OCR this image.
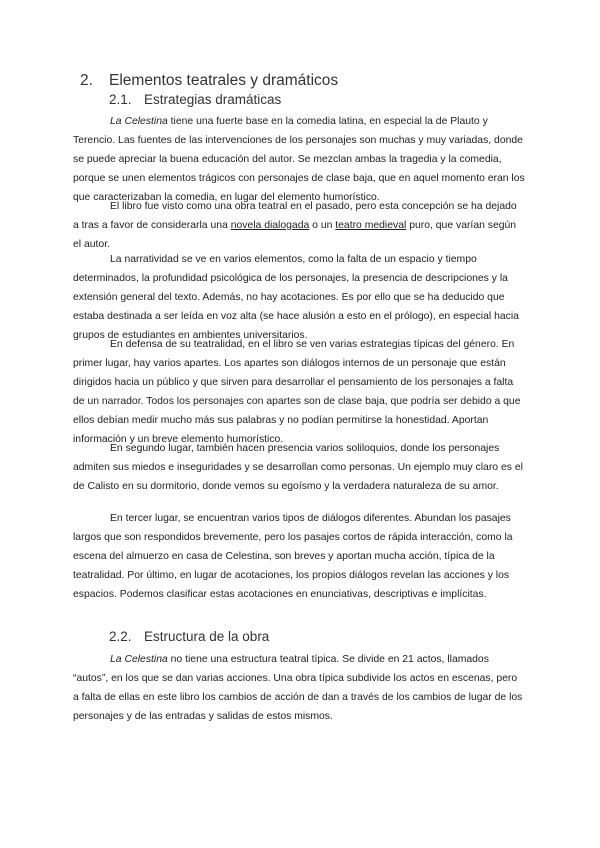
2. Elementos teatrales y dramáticos
2.1. Estrategias dramáticas

La Celestina tiene una fuerte base en la comedia latina, en especial la de Plauto y Terencio. Las fuentes de las intervenciones de los personajes son muchas y muy variadas, donde se puede apreciar la buena educación del autor. Se mezclan ambas la tragedia y la comedia, porque se unen elementos trágicos con personajes de clase baja, que en aquel momento eran los que caracterizaban la comedia, en lugar del elemento humorístico.

El libro fue visto como una obra teatral en el pasado, pero esta concepción se ha dejado a tras a favor de considerarla una novela dialogada o un teatro medieval puro, que varían según el autor.

La narratividad se ve en varios elementos, como la falta de un espacio y tiempo determinados, la profundidad psicológica de los personajes, la presencia de descripciones y la extensión general del texto. Además, no hay acotaciones. Es por ello que se ha deducido que estaba destinada a ser leída en voz alta (se hace alusión a esto en el prólogo), en especial hacia grupos de estudiantes en ambientes universitarios.

En defensa de su teatralidad, en el libro se ven varias estrategias típicas del género. En primer lugar, hay varios apartes. Los apartes son diálogos internos de un personaje que están dirigidos hacia un público y que sirven para desarrollar el pensamiento de los personajes a falta de un narrador. Todos los personajes con apartes son de clase baja, que podría ser debido a que ellos debían medir mucho más sus palabras y no podían permitirse la honestidad. Aportan información y un breve elemento humorístico.

En segundo lugar, también hacen presencia varios soliloquios, donde los personajes admiten sus miedos e inseguridades y se desarrollan como personas. Un ejemplo muy claro es el de Calisto en su dormitorio, donde vemos su egoísmo y la verdadera naturaleza de su amor.

En tercer lugar, se encuentran varios tipos de diálogos diferentes. Abundan los pasajes largos que son respondidos brevemente, pero los pasajes cortos de rápida interacción, como la escena del almuerzo en casa de Celestina, son breves y aportan mucha acción, típica de la teatralidad. Por último, en lugar de acotaciones, los propios diálogos revelan las acciones y los espacios. Podemos clasificar estas acotaciones en enunciativas, descriptivas e implícitas.

2.2. Estructura de la obra

La Celestina no tiene una estructura teatral típica. Se divide en 21 actos, llamados “autos”, en los que se dan varias acciones. Una obra típica subdivide los actos en escenas, pero a falta de ellas en este libro los cambios de acción de dan a través de los cambios de lugar de los personajes y de las entradas y salidas de estos mismos.
